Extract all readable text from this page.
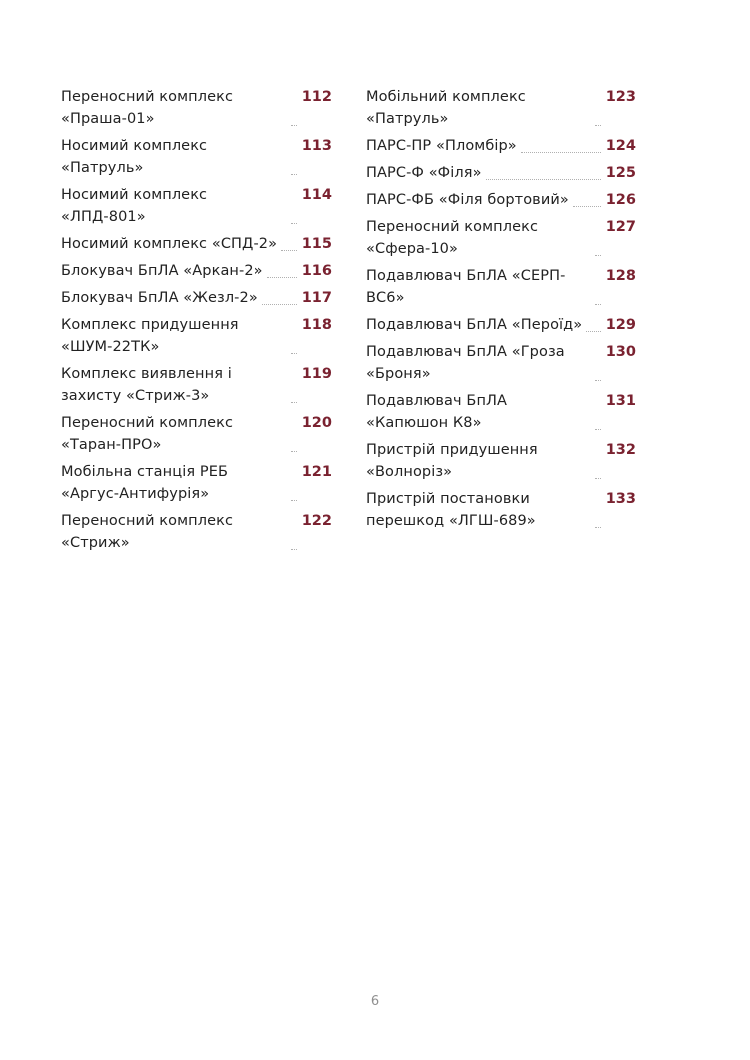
Переносний комплекс «Праша-01»
112
Носимий комплекс «Патруль»
113
Носимий комплекс «ЛПД-801»
114
Носимий комплекс «СПД-2» 115
Блокувач БпЛА «Аркан-2»	116
Блокувач БпЛА «Жезл-2»	117
Комплекс придушення «ШУМ-22ТК»
118
Комплекс виявлення і захисту «Стриж-3»
119
Переносний комплекс «Таран-ПРО»
120
Мобільна станція РЕБ «Аргус-Антифурія»
121
Переносний комплекс «Стриж»
122
Мобільний комплекс «Патруль»
123
ПАРС-ПР «Пломбір»	124
ПАРС-Ф «Філя»	125
ПАРС-ФБ «Філя бортовий»	126
Переносний комплекс «Сфера-10»
127
Подавлювач БпЛА «СЕРП-ВС6»
128
Подавлювач БпЛА «Пероїд» 129
Подавлювач БпЛА «Гроза «Броня»
130
Подавлювач БпЛА «Капюшон К8»
131
Пристрій придушення «Волноріз»
132
Пристрій постановки перешкод «ЛГШ-689»
133
6
